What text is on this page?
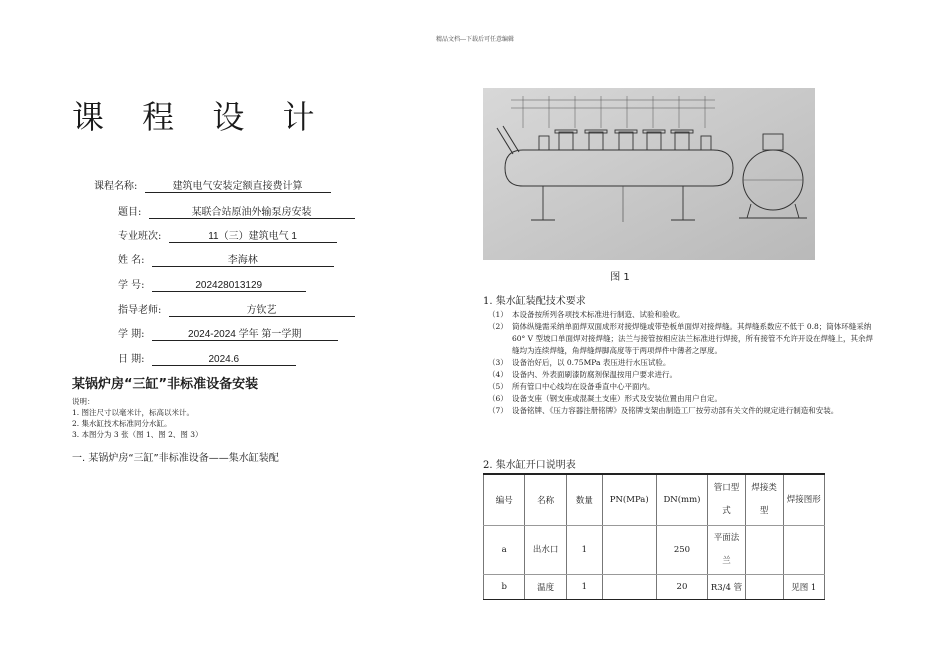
精品文档---下载后可任意编辑
课 程 设 计
课程名称:	建筑电气安装定额直接费计算
题目:	某联合站原油外输泵房安装
专业班次:	11（三）建筑电气 1
姓 名:	李海林
学 号:	202428013129
指导老师:	方钦艺
学 期:	2024-2024 学年 第一学期
日 期:	2024.6
某锅炉房“三缸”非标准设备安装
说明：
1. 图注尺寸以毫米计，标高以米计。
2. 集水缸技术标准同分水缸。
3. 本图分为 3 张（图 1、图 2、图 3）
一. 某锅炉房“三缸”非标准设备——集水缸装配
图 1
1. 集水缸装配技术要求
（1） 本设备按所列各项技术标准进行制造、试验和验收。
（2） 筒体纵缝需采纳单面焊双面成形对接焊缝或带垫板单面焊对接焊缝。其焊缝系数应不低于 0.8；筒体环缝采纳 60° V 型坡口单面焊对接焊缝；法兰与接管按相应法兰标准进行焊接，所有接管不允许开设在焊缝上，其余焊缝均为连续焊缝，角焊缝焊脚高度等于两项焊件中薄者之厚度。
（3） 设备治好后，以 0.75MPa 表压进行水压试验。
（4） 设备内、外表面刷漆防腐剂保温按用户要求进行。
（5） 所有管口中心线均在设备垂直中心平面内。
（6） 设备支座（钢支座或混凝土支座）形式及安装位置由用户自定。
（7） 设备铭牌、《压力容器注册铭牌》及铭牌支架由制造工厂按劳动部有关文件的规定进行制造和安装。
2. 集水缸开口说明表
编号	名称	数量	PN(MPa)	DN(mm)	管口型式	焊接类型	焊接图形
a	出水口	1		250	平面法兰		
b	温度	1		20	R3/4 管		见图 1
